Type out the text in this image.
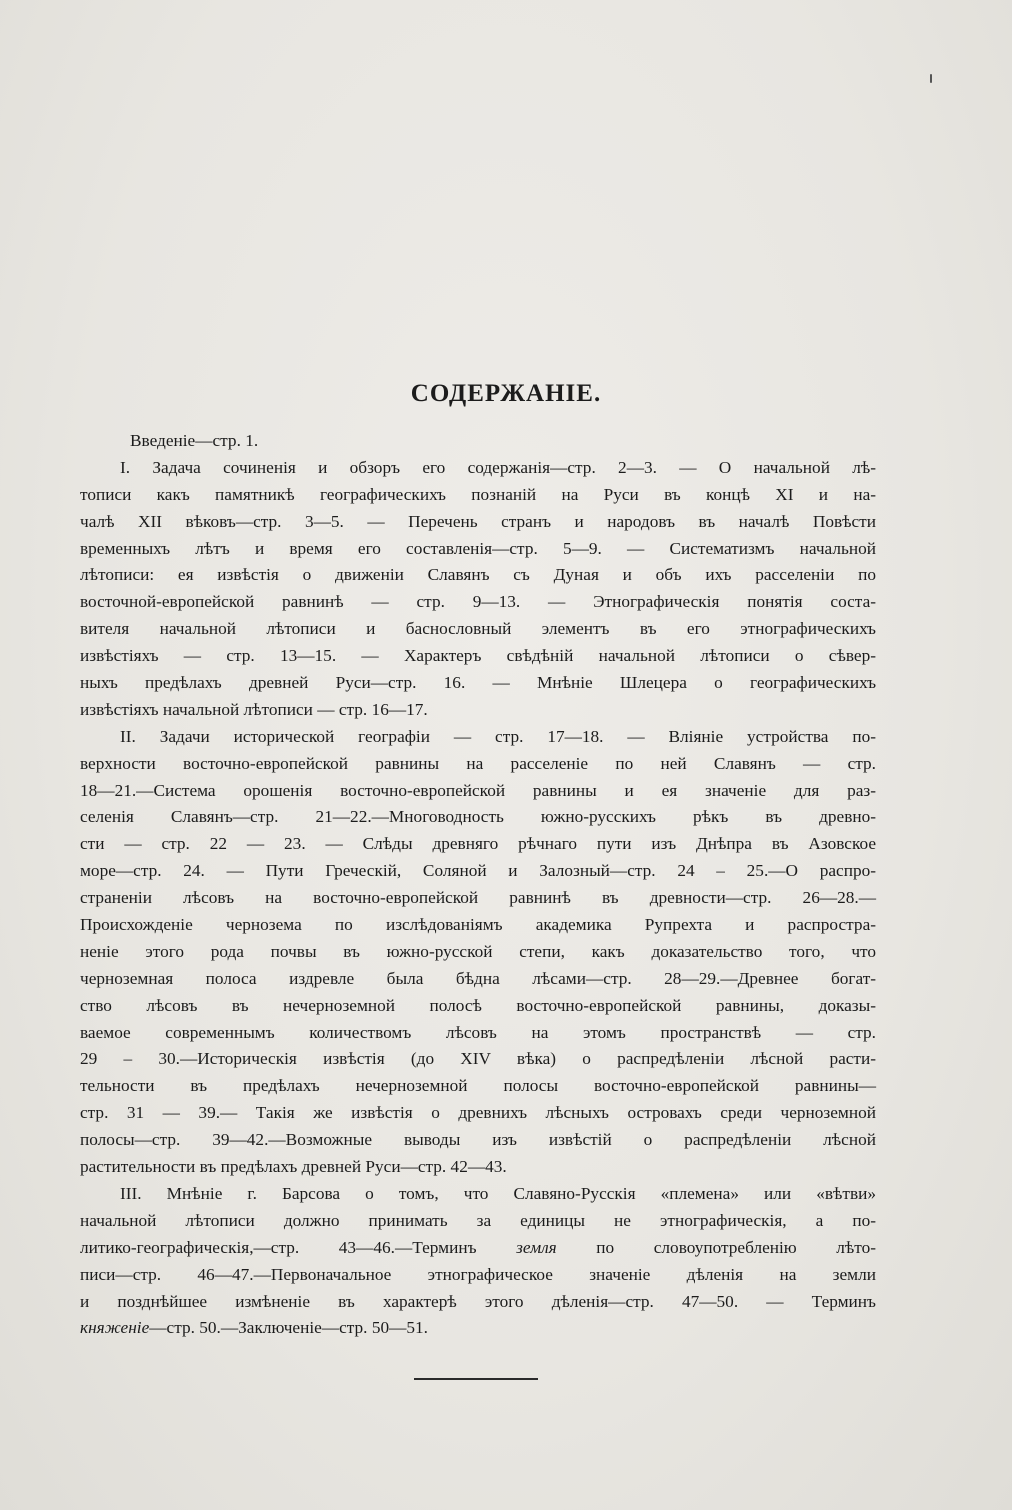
СОДЕРЖАНІЕ.
Введеніе—стр. 1.
I. Задача сочиненія и обзоръ его содержанія—стр. 2—3. — О начальной лѣ-
тописи какъ памятникѣ географическихъ познаній на Руси въ концѣ XI и на-
чалѣ XII вѣковъ—стр. 3—5. — Перечень странъ и народовъ въ началѣ Повѣсти
временныхъ лѣтъ и время его составленія—стр. 5—9. — Систематизмъ начальной
лѣтописи: ея извѣстія о движеніи Славянъ съ Дуная и объ ихъ расселеніи по
восточной-европейской равнинѣ — стр. 9—13. — Этнографическія понятія соста-
вителя начальной лѣтописи и баснословный элементъ въ его этнографическихъ
извѣстіяхъ — стр. 13—15. — Характеръ свѣдѣній начальной лѣтописи о сѣвер-
ныхъ предѣлахъ древней Руси—стр. 16. — Мнѣніе Шлецера о географическихъ
извѣстіяхъ начальной лѣтописи — стр. 16—17.
II. Задачи исторической географіи — стр. 17—18. — Вліяніе устройства по-
верхности восточно-европейской равнины на расселеніе по ней Славянъ — стр.
18—21.—Система орошенія восточно-европейской равнины и ея значеніе для раз-
селенія Славянъ—стр. 21—22.—Многоводность южно-русскихъ рѣкъ въ древно-
сти — стр. 22 — 23. — Слѣды древняго рѣчнаго пути изъ Днѣпра въ Азовское
море—стр. 24. — Пути Греческій, Соляной и Залозный—стр. 24 – 25.—О распро-
страненіи лѣсовъ на восточно-европейской равнинѣ въ древности—стр. 26—28.—
Происхожденіе чернозема по изслѣдованіямъ академика Рупрехта и распростра-
неніе этого рода почвы въ южно-русской степи, какъ доказательство того, что
черноземная полоса издревле была бѣдна лѣсами—стр. 28—29.—Древнее богат-
ство лѣсовъ въ нечерноземной полосѣ восточно-европейской равнины, доказы-
ваемое современнымъ количествомъ лѣсовъ на этомъ пространствѣ — стр.
29 – 30.—Историческія извѣстія (до XIV вѣка) о распредѣленіи лѣсной расти-
тельности въ предѣлахъ нечерноземной полосы восточно-европейской равнины—
стр. 31 — 39.— Такія же извѣстія о древнихъ лѣсныхъ островахъ среди черноземной
полосы—стр. 39—42.—Возможные выводы изъ извѣстій о распредѣленіи лѣсной
растительности въ предѣлахъ древней Руси—стр. 42—43.
III. Мнѣніе г. Барсова о томъ, что Славяно-Русскія «племена» или «вѣтви»
начальной лѣтописи должно принимать за единицы не этнографическія, а по-
литико-географическія,—стр. 43—46.—Терминъ земля по словоупотребленію лѣто-
писи—стр. 46—47.—Первоначальное этнографическое значеніе дѣленія на земли
и позднѣйшее измѣненіе въ характерѣ этого дѣленія—стр. 47—50. — Терминъ
княженіе—стр. 50.—Заключеніе—стр. 50—51.
